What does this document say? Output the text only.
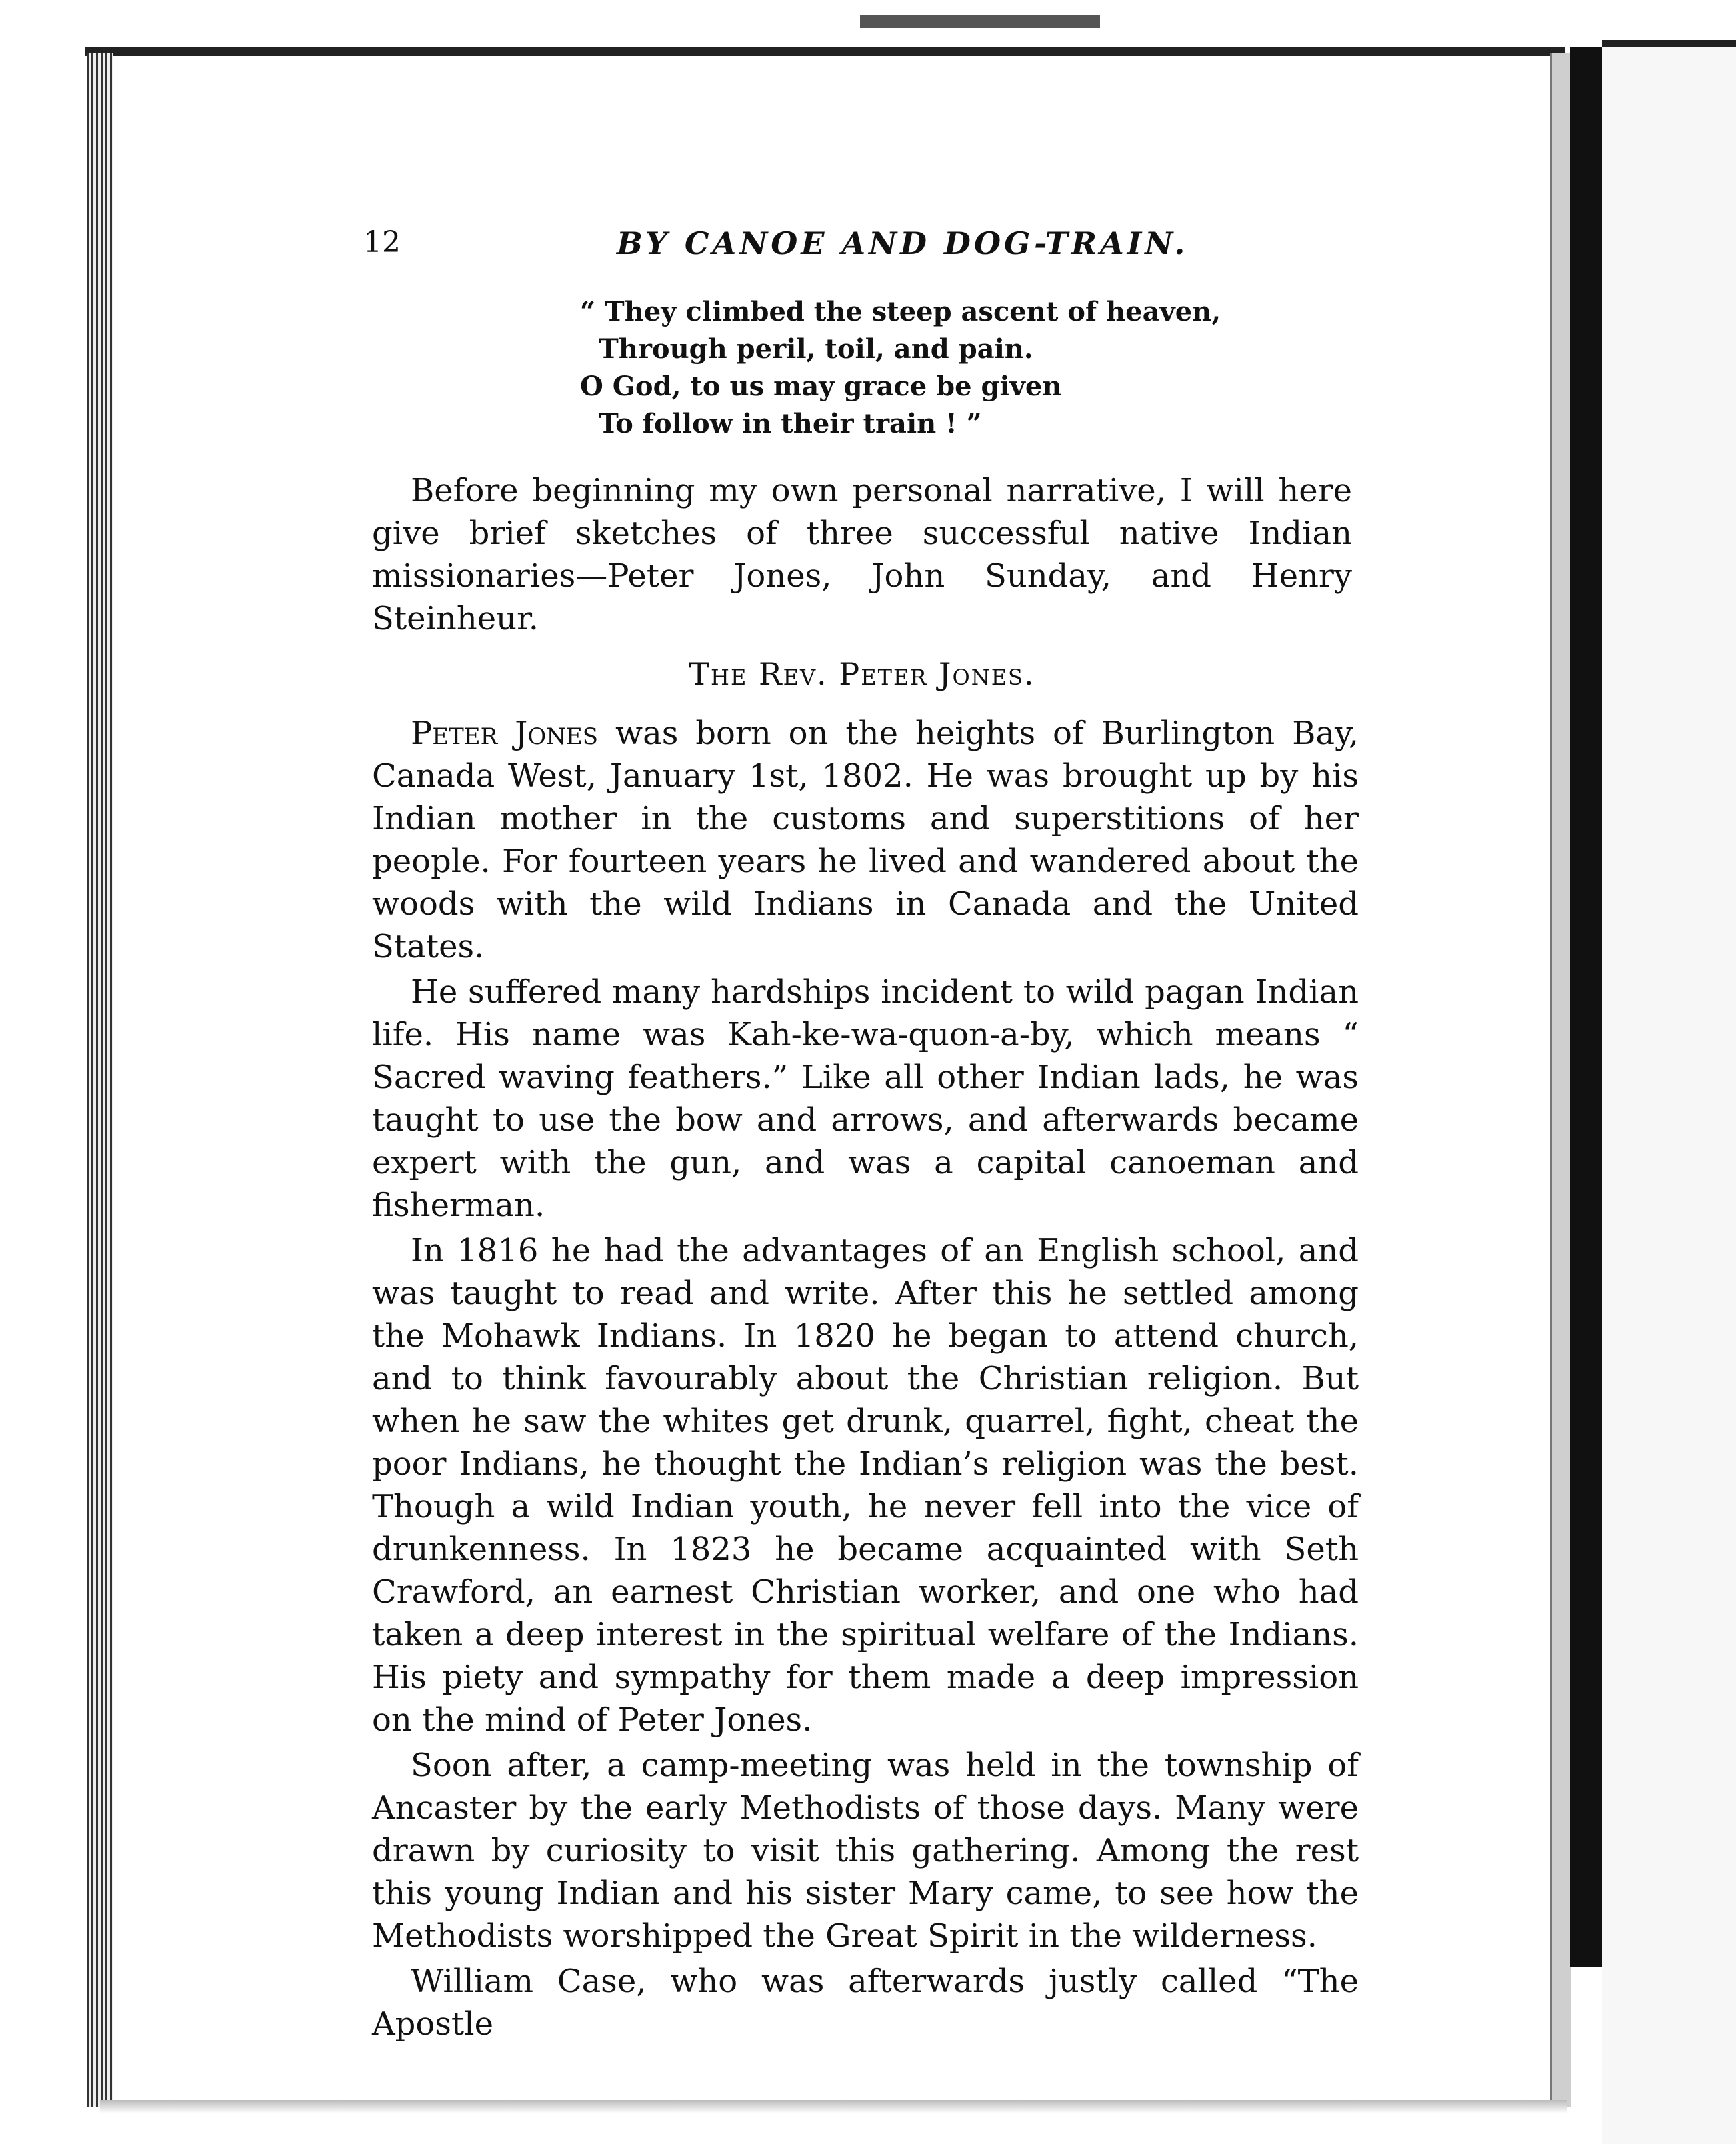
12	BY CANOE AND DOG-TRAIN.
“ They climbed the steep ascent of heaven,
Through peril, toil, and pain.
O God, to us may grace be given
To follow in their train ! ”

Before beginning my own personal narrative, I will here give brief sketches of three successful native Indian missionaries—Peter Jones, John Sunday, and Henry Steinheur.

The Rev. Peter Jones.

Peter Jones was born on the heights of Burlington Bay, Canada West, January 1st, 1802. He was brought up by his Indian mother in the customs and superstitions of her people. For fourteen years he lived and wandered about the woods with the wild Indians in Canada and the United States.

He suffered many hardships incident to wild pagan Indian life. His name was Kah-ke-wa-quon-a-by, which means “ Sacred waving feathers.” Like all other Indian lads, he was taught to use the bow and arrows, and afterwards became expert with the gun, and was a capital canoeman and fisherman.

In 1816 he had the advantages of an English school, and was taught to read and write. After this he settled among the Mohawk Indians. In 1820 he began to attend church, and to think favourably about the Christian religion. But when he saw the whites get drunk, quarrel, fight, cheat the poor Indians, he thought the Indian’s religion was the best. Though a wild Indian youth, he never fell into the vice of drunkenness. In 1823 he became acquainted with Seth Crawford, an earnest Christian worker, and one who had taken a deep interest in the spiritual welfare of the Indians. His piety and sympathy for them made a deep impression on the mind of Peter Jones.

Soon after, a camp-meeting was held in the township of Ancaster by the early Methodists of those days. Many were drawn by curiosity to visit this gathering. Among the rest this young Indian and his sister Mary came, to see how the Methodists worshipped the Great Spirit in the wilderness.

William Case, who was afterwards justly called “The Apostle
